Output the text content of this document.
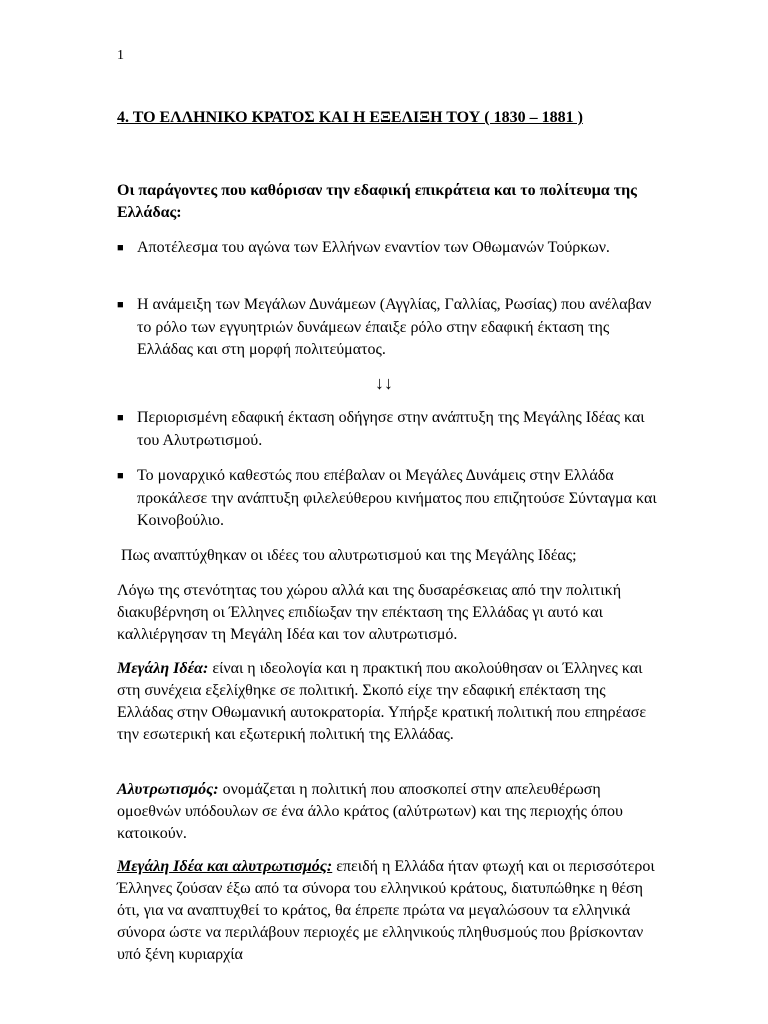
1
4. ΤΟ ΕΛΛΗΝΙΚΟ ΚΡΑΤΟΣ ΚΑΙ Η ΕΞΕΛΙΞΗ ΤΟΥ ( 1830 – 1881 )

Οι παράγοντες που καθόρισαν την εδαφική επικράτεια και το πολίτευμα της Ελλάδας:

■ Αποτέλεσμα του αγώνα των Ελλήνων εναντίον των Οθωμανών Τούρκων.
■ Η ανάμειξη των Μεγάλων Δυνάμεων (Αγγλίας, Γαλλίας, Ρωσίας) που ανέλαβαν το ρόλο των εγγυητριών δυνάμεων έπαιξε ρόλο στην εδαφική έκταση της Ελλάδας και στη μορφή πολιτεύματος.
↓↓
■ Περιορισμένη εδαφική έκταση οδήγησε στην ανάπτυξη της Μεγάλης Ιδέας και του Αλυτρωτισμού.
■ Το μοναρχικό καθεστώς που επέβαλαν οι Μεγάλες Δυνάμεις στην Ελλάδα προκάλεσε την ανάπτυξη φιλελεύθερου κινήματος που επιζητούσε Σύνταγμα και Κοινοβούλιο.

Πως αναπτύχθηκαν οι ιδέες του αλυτρωτισμού και της Μεγάλης Ιδέας;

Λόγω της στενότητας του χώρου αλλά και της δυσαρέσκειας από την πολιτική διακυβέρνηση οι Έλληνες επιδίωξαν την επέκταση της Ελλάδας γι αυτό και καλλιέργησαν τη Μεγάλη Ιδέα και τον αλυτρωτισμό.

Μεγάλη Ιδέα: είναι η ιδεολογία και η πρακτική που ακολούθησαν οι Έλληνες και στη συνέχεια εξελίχθηκε σε πολιτική. Σκοπό είχε την εδαφική επέκταση της Ελλάδας στην Οθωμανική αυτοκρατορία. Υπήρξε κρατική πολιτική που επηρέασε την εσωτερική και εξωτερική πολιτική της Ελλάδας.

Αλυτρωτισμός: ονομάζεται η πολιτική που αποσκοπεί στην απελευθέρωση ομοεθνών υπόδουλων σε ένα άλλο κράτος (αλύτρωτων) και της περιοχής όπου κατοικούν.

Μεγάλη Ιδέα και αλυτρωτισμός: επειδή η Ελλάδα ήταν φτωχή και οι περισσότεροι Έλληνες ζούσαν έξω από τα σύνορα του ελληνικού κράτους, διατυπώθηκε η θέση ότι, για να αναπτυχθεί το κράτος, θα έπρεπε πρώτα να μεγαλώσουν τα ελληνικά σύνορα ώστε να περιλάβουν περιοχές με ελληνικούς πληθυσμούς που βρίσκονταν υπό ξένη κυριαρχία
